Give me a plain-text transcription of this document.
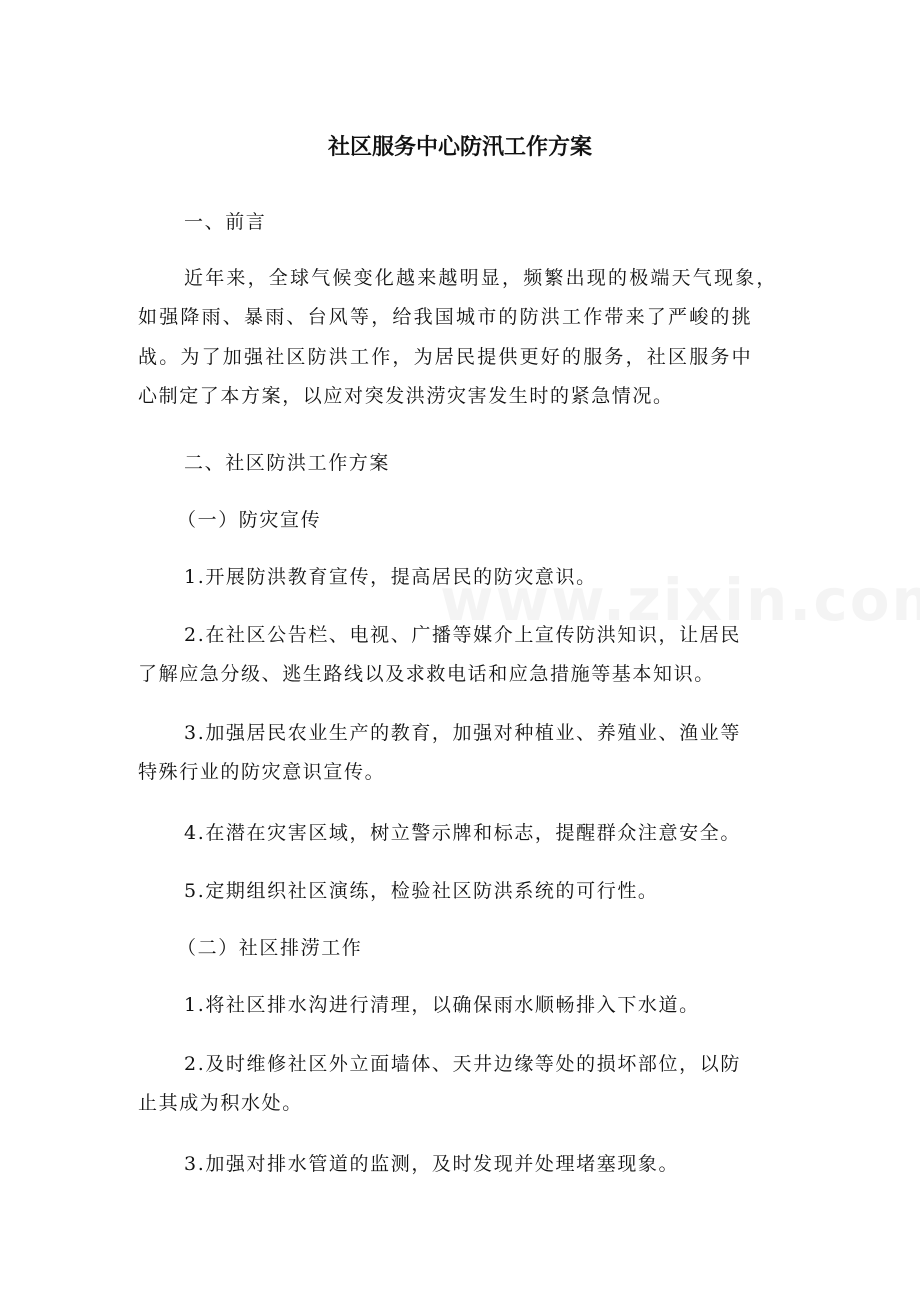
社区服务中心防汛工作方案
一、前言
近年来，全球气候变化越来越明显，频繁出现的极端天气现象，
如强降雨、暴雨、台风等，给我国城市的防洪工作带来了严峻的挑
战。为了加强社区防洪工作，为居民提供更好的服务，社区服务中
心制定了本方案，以应对突发洪涝灾害发生时的紧急情况。
二、社区防洪工作方案
（一）防灾宣传
1.开展防洪教育宣传，提高居民的防灾意识。
2.在社区公告栏、电视、广播等媒介上宣传防洪知识，让居民
了解应急分级、逃生路线以及求救电话和应急措施等基本知识。
3.加强居民农业生产的教育，加强对种植业、养殖业、渔业等
特殊行业的防灾意识宣传。
4.在潜在灾害区域，树立警示牌和标志，提醒群众注意安全。
5.定期组织社区演练，检验社区防洪系统的可行性。
（二）社区排涝工作
1.将社区排水沟进行清理，以确保雨水顺畅排入下水道。
2.及时维修社区外立面墙体、天井边缘等处的损坏部位，以防
止其成为积水处。
3.加强对排水管道的监测，及时发现并处理堵塞现象。
